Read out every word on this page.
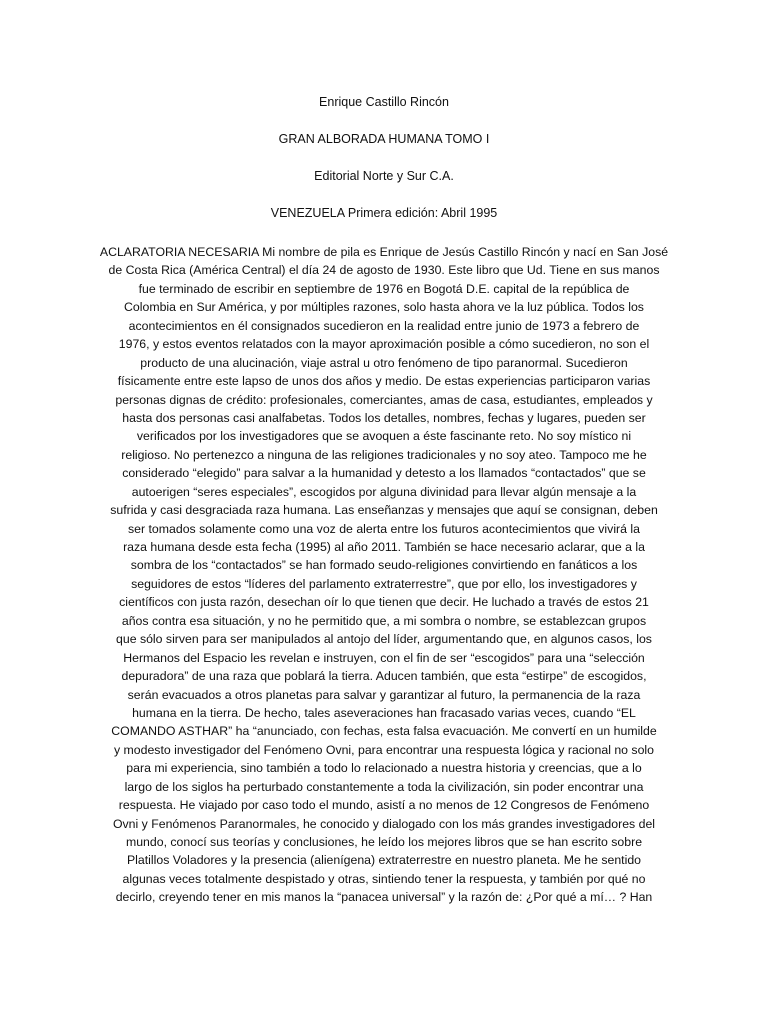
Enrique Castillo Rincón
GRAN ALBORADA HUMANA TOMO I
Editorial Norte y Sur C.A.
VENEZUELA Primera edición: Abril 1995
ACLARATORIA NECESARIA Mi nombre de pila es Enrique de Jesús Castillo Rincón y nací en San José
de Costa Rica (América Central) el día 24 de agosto de 1930. Este libro que Ud. Tiene en sus manos
fue terminado de escribir en septiembre de 1976 en Bogotá D.E. capital de la república de
Colombia en Sur América, y por múltiples razones, solo hasta ahora ve la luz pública. Todos los
acontecimientos en él consignados sucedieron en la realidad entre junio de 1973 a febrero de
1976, y estos eventos relatados con la mayor aproximación posible a cómo sucedieron, no son el
producto de una alucinación, viaje astral u otro fenómeno de tipo paranormal. Sucedieron
físicamente entre este lapso de unos dos años y medio. De estas experiencias participaron varias
personas dignas de crédito: profesionales, comerciantes, amas de casa, estudiantes, empleados y
hasta dos personas casi analfabetas. Todos los detalles, nombres, fechas y lugares, pueden ser
verificados por los investigadores que se avoquen a éste fascinante reto. No soy místico ni
religioso. No pertenezco a ninguna de las religiones tradicionales y no soy ateo. Tampoco me he
considerado “elegido” para salvar a la humanidad y detesto a los llamados “contactados” que se
autoerigen “seres especiales”, escogidos por alguna divinidad para llevar algún mensaje a la
sufrida y casi desgraciada raza humana. Las enseñanzas y mensajes que aquí se consignan, deben
ser tomados solamente como una voz de alerta entre los futuros acontecimientos que vivirá la
raza humana desde esta fecha (1995) al año 2011. También se hace necesario aclarar, que a la
sombra de los “contactados” se han formado seudo-religiones convirtiendo en fanáticos a los
seguidores de estos “líderes del parlamento extraterrestre”, que por ello, los investigadores y
científicos con justa razón, desechan oír lo que tienen que decir. He luchado a través de estos 21
años contra esa situación, y no he permitido que, a mi sombra o nombre, se establezcan grupos
que sólo sirven para ser manipulados al antojo del líder, argumentando que, en algunos casos, los
Hermanos del Espacio les revelan e instruyen, con el fin de ser “escogidos” para una “selección
depuradora” de una raza que poblará la tierra. Aducen también, que esta “estirpe” de escogidos,
serán evacuados a otros planetas para salvar y garantizar al futuro, la permanencia de la raza
humana en la tierra. De hecho, tales aseveraciones han fracasado varias veces, cuando “EL
COMANDO ASTHAR” ha “anunciado, con fechas, esta falsa evacuación. Me convertí en un humilde
y modesto investigador del Fenómeno Ovni, para encontrar una respuesta lógica y racional no solo
para mi experiencia, sino también a todo lo relacionado a nuestra historia y creencias, que a lo
largo de los siglos ha perturbado constantemente a toda la civilización, sin poder encontrar una
respuesta. He viajado por caso todo el mundo, asistí a no menos de 12 Congresos de Fenómeno
Ovni y Fenómenos Paranormales, he conocido y dialogado con los más grandes investigadores del
mundo, conocí sus teorías y conclusiones, he leído los mejores libros que se han escrito sobre
Platillos Voladores y la presencia (alienígena) extraterrestre en nuestro planeta. Me he sentido
algunas veces totalmente despistado y otras, sintiendo tener la respuesta, y también por qué no
decirlo, creyendo tener en mis manos la “panacea universal” y la razón de: ¿Por qué a mí… ? Han
